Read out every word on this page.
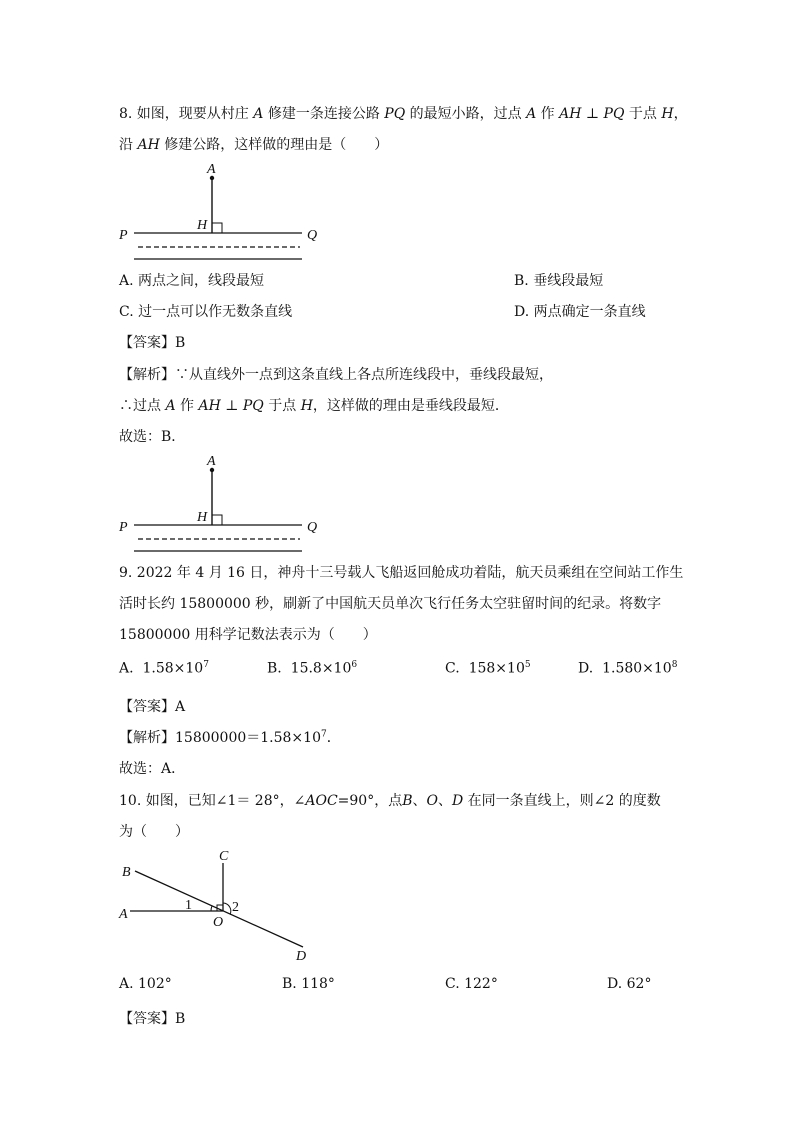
8. 如图，现要从村庄 A 修建一条连接公路 PQ 的最短小路，过点 A 作 AH ⊥ PQ 于点 H，
沿 AH 修建公路，这样做的理由是（　　）
A
H
P	Q
A. 两点之间，线段最短	B. 垂线段最短
C. 过一点可以作无数条直线	D. 两点确定一条直线
【答案】B
【解析】∵从直线外一点到这条直线上各点所连线段中，垂线段最短，
∴过点 A 作 AH ⊥ PQ 于点 H，这样做的理由是垂线段最短．
故选：B．
A
H
P	Q
9. 2022 年 4 月 16 日，神舟十三号载人飞船返回舱成功着陆，航天员乘组在空间站工作生
活时长约 15800000 秒，刷新了中国航天员单次飞行任务太空驻留时间的纪录。将数字
15800000 用科学记数法表示为（　　）
A. $1.58\times 10^7$	B. $15.8\times 10^6$	C. $158\times 10^5$	D. $1.580\times 10^8$
【答案】A
【解析】$15800000=1.58\times 10^7$．
故选：A．
10. 如图，已知∠1＝ 28°，∠AOC=90°，点B、O、D 在同一条直线上，则∠2 的度数
为（　　）
B
A
C
O
D
1	2
A. 102°	B. 118°	C. 122°	D. 62°
【答案】B
